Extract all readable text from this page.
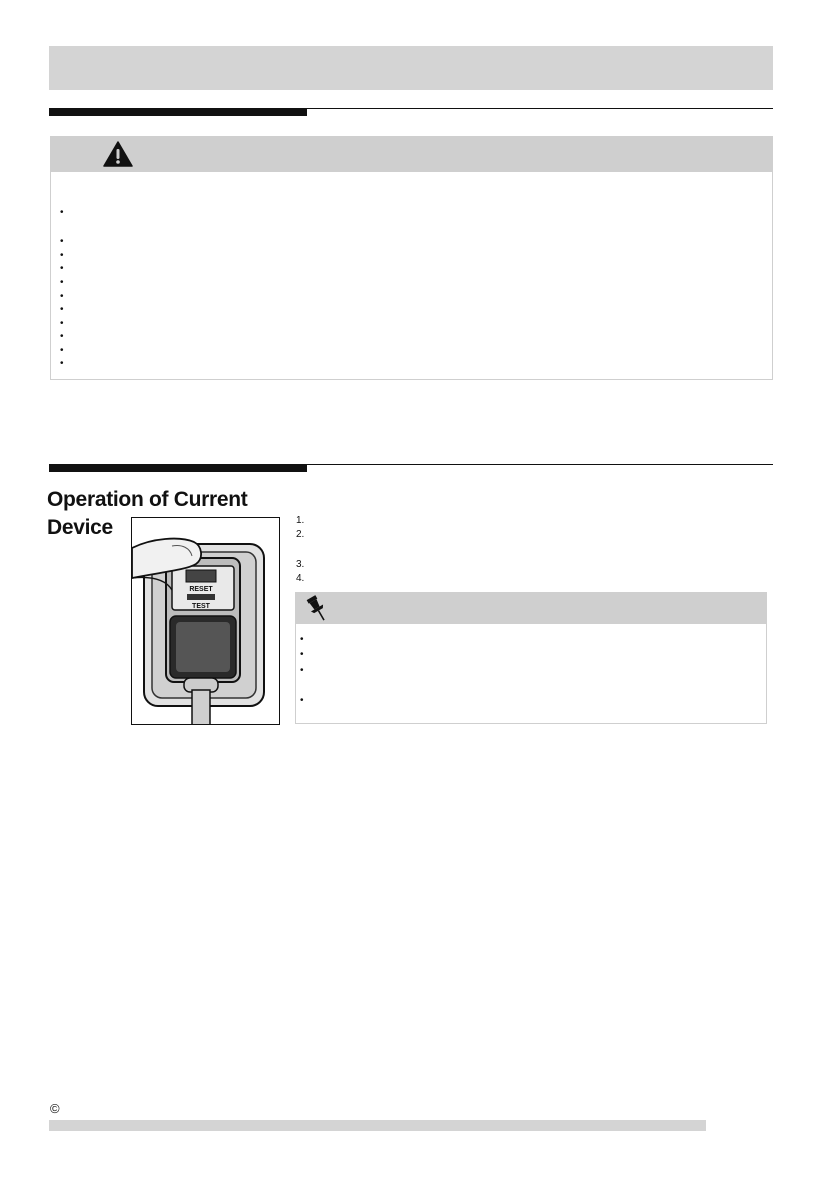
•
•
•
•
•
•
•
•
•
•
•
Operation of Current Device
RESET
TEST
1.
2.
3.
4.
•
•
•
•
©
